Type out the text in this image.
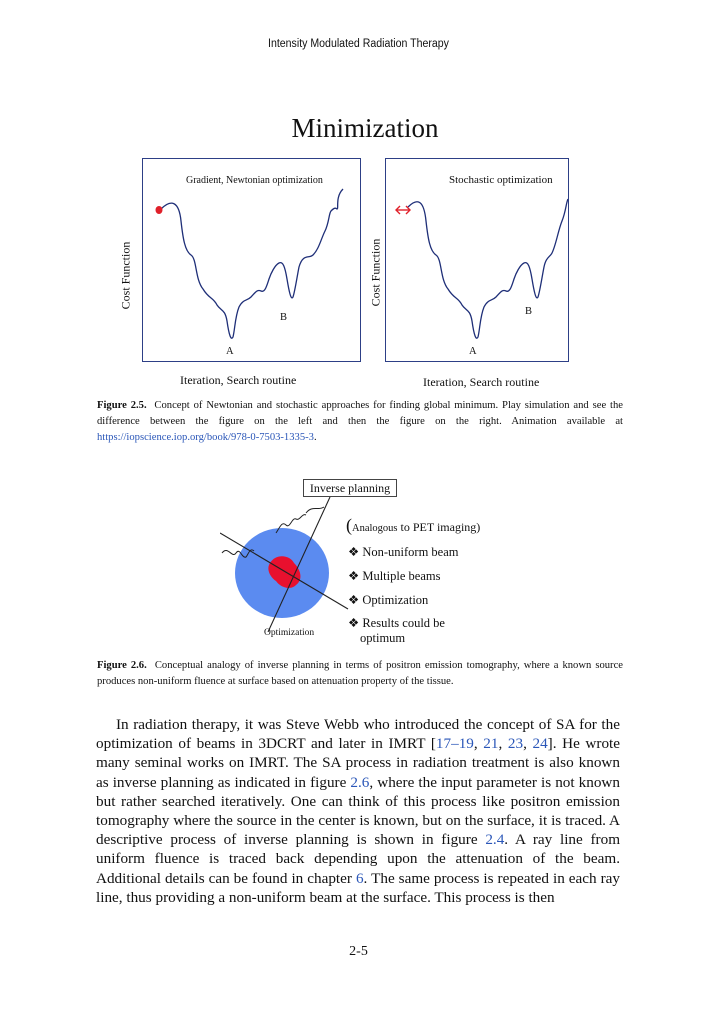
Intensity Modulated Radiation Therapy
Minimization
Gradient, Newtonian optimization
B
A
Cost Function
Iteration, Search routine
Stochastic optimization
B
A
Cost Function
Iteration, Search routine
Figure 2.5. Concept of Newtonian and stochastic approaches for finding global minimum. Play simulation and see the difference between the figure on the left and then the figure on the right. Animation available at https://iopscience.iop.org/book/978-0-7503-1335-3.
Inverse planning
(Analogous to PET imaging)
❖ Non-uniform beam
❖ Multiple beams
❖ Optimization
❖ Results could be
optimum
Optimization
Figure 2.6. Conceptual analogy of inverse planning in terms of positron emission tomography, where a known source produces non-uniform fluence at surface based on attenuation property of the tissue.

In radiation therapy, it was Steve Webb who introduced the concept of SA for the optimization of beams in 3DCRT and later in IMRT [17–19, 21, 23, 24]. He wrote many seminal works on IMRT. The SA process in radiation treatment is also known as inverse planning as indicated in figure 2.6, where the input parameter is not known but rather searched iteratively. One can think of this process like positron emission tomography where the source in the center is known, but on the surface, it is traced. A descriptive process of inverse planning is shown in figure 2.4. A ray line from uniform fluence is traced back depending upon the attenuation of the beam. Additional details can be found in chapter 6. The same process is repeated in each ray line, thus providing a non-uniform beam at the surface. This process is then

2-5
